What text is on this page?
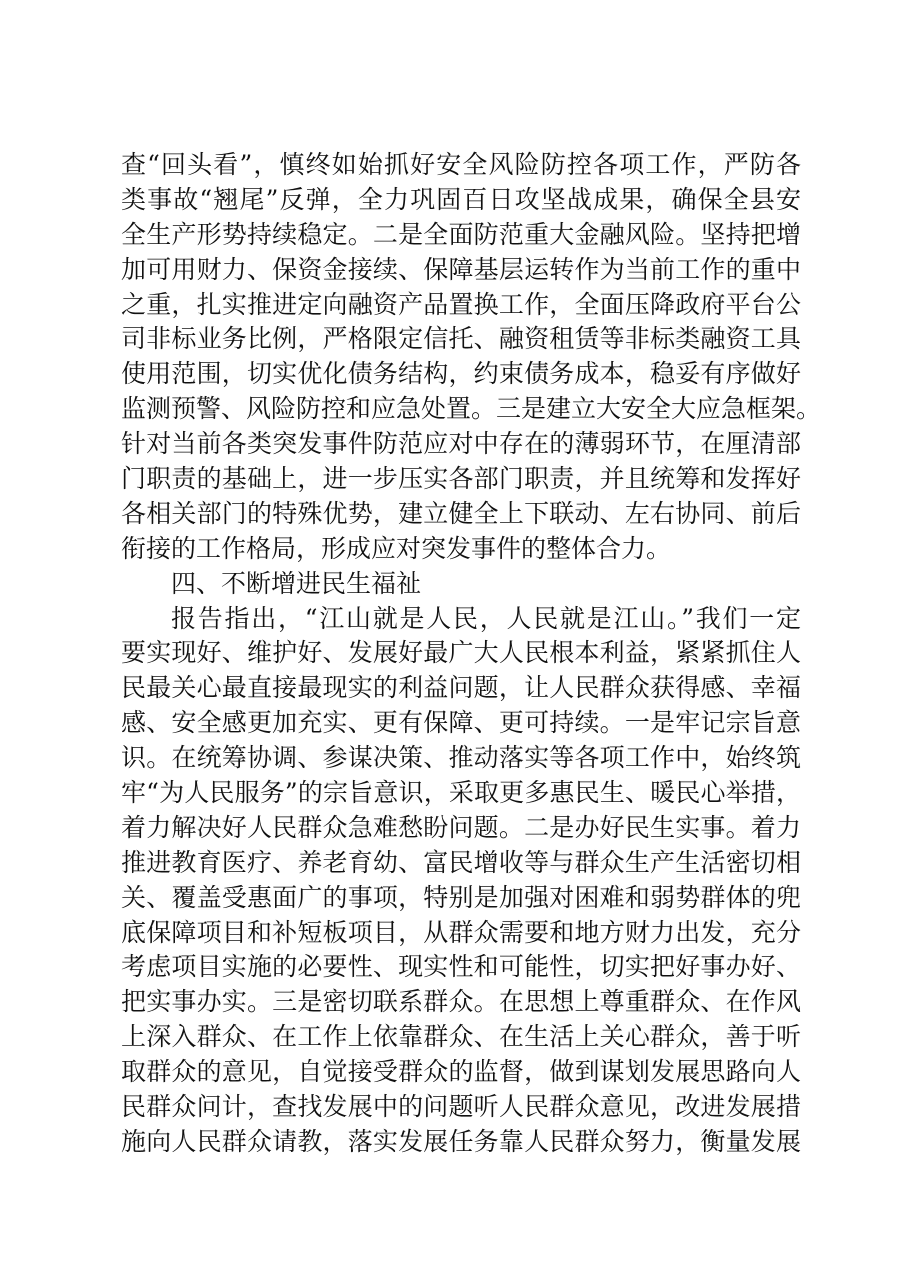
查“回头看”，慎终如始抓好安全风险防控各项工作，严防各
类事故“翘尾”反弹，全力巩固百日攻坚战成果，确保全县安
全生产形势持续稳定。二是全面防范重大金融风险。坚持把增
加可用财力、保资金接续、保障基层运转作为当前工作的重中
之重，扎实推进定向融资产品置换工作，全面压降政府平台公
司非标业务比例，严格限定信托、融资租赁等非标类融资工具
使用范围，切实优化债务结构，约束债务成本，稳妥有序做好
监测预警、风险防控和应急处置。三是建立大安全大应急框架。
针对当前各类突发事件防范应对中存在的薄弱环节，在厘清部
门职责的基础上，进一步压实各部门职责，并且统筹和发挥好
各相关部门的特殊优势，建立健全上下联动、左右协同、前后
衔接的工作格局，形成应对突发事件的整体合力。
四、不断增进民生福祉
报告指出，“江山就是人民，人民就是江山。”我们一定
要实现好、维护好、发展好最广大人民根本利益，紧紧抓住人
民最关心最直接最现实的利益问题，让人民群众获得感、幸福
感、安全感更加充实、更有保障、更可持续。一是牢记宗旨意
识。在统筹协调、参谋决策、推动落实等各项工作中，始终筑
牢“为人民服务”的宗旨意识，采取更多惠民生、暖民心举措，
着力解决好人民群众急难愁盼问题。二是办好民生实事。着力
推进教育医疗、养老育幼、富民增收等与群众生产生活密切相
关、覆盖受惠面广的事项，特别是加强对困难和弱势群体的兜
底保障项目和补短板项目，从群众需要和地方财力出发，充分
考虑项目实施的必要性、现实性和可能性，切实把好事办好、
把实事办实。三是密切联系群众。在思想上尊重群众、在作风
上深入群众、在工作上依靠群众、在生活上关心群众，善于听
取群众的意见，自觉接受群众的监督，做到谋划发展思路向人
民群众问计，查找发展中的问题听人民群众意见，改进发展措
施向人民群众请教，落实发展任务靠人民群众努力，衡量发展
